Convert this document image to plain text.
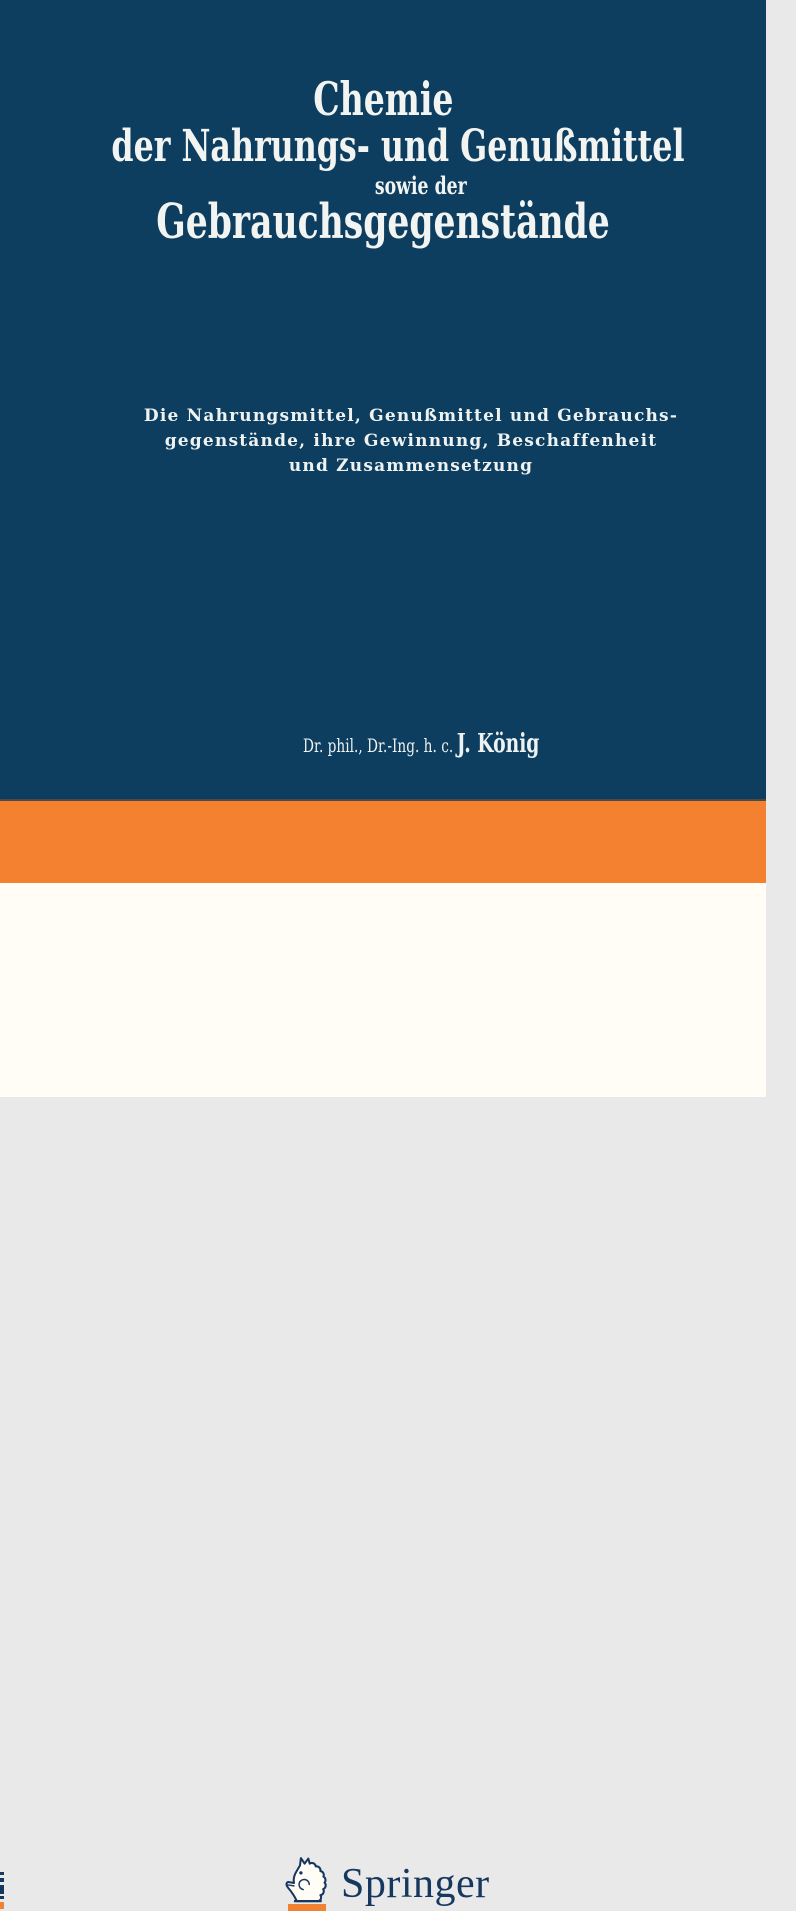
Chemie
der Nahrungs- und Genußmittel
sowie der
Gebrauchsgegenstände
Die Nahrungsmittel, Genußmittel und Gebrauchs-
gegenstände, ihre Gewinnung, Beschaffenheit
und Zusammensetzung
Dr. phil., Dr.-Ing. h. c. J. König
Springer
